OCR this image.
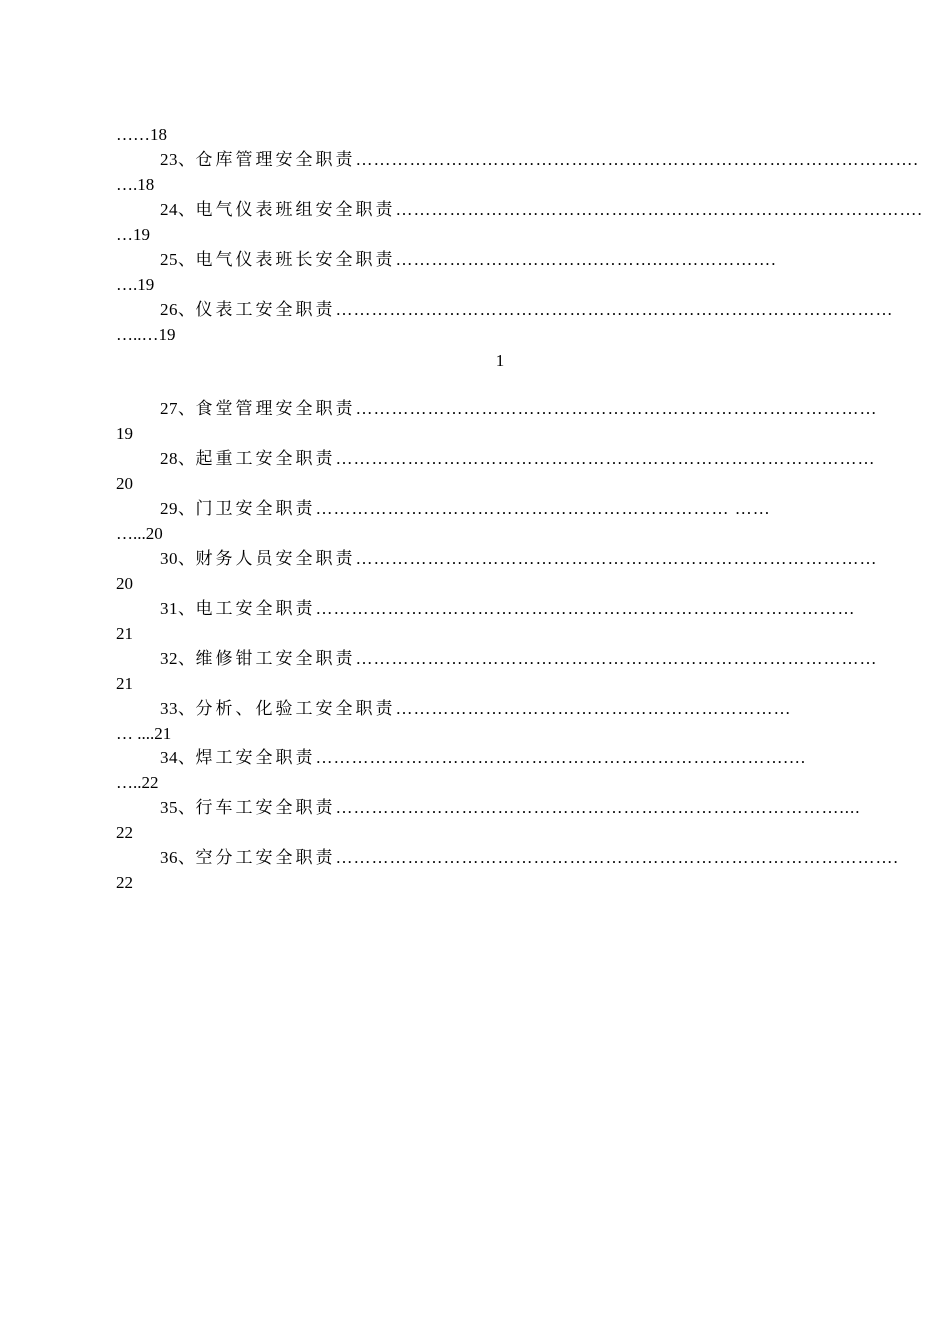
……18
23、仓库管理安全职责………………………………………………………………………………….
….18
24、电气仪表班组安全职责…………………………………………………………………………….
…19
25、电气仪表班长安全职责…………………………….………..……………….
….19
26、仪表工安全职责…………………………………………………………………………………
…..…19
1
27、食堂管理安全职责……………………………………………………………………………
19
28、起重工安全职责………………………………………………………………………………
20
29、门卫安全职责…………………………………………………………… ……
…...20
30、财务人员安全职责……………………………………………………………………………
20
31、电工安全职责………………………………………………………………………………
21
32、维修钳工安全职责……………………………………………………………………………
21
33、分析、化验工安全职责…………………………………………………………
… ....21
34、焊工安全职责…………………………………………………………………….…
…..22
35、行车工安全职责…………………………………………………………………………....
22
36、空分工安全职责………………………………………………………………………………….
22
